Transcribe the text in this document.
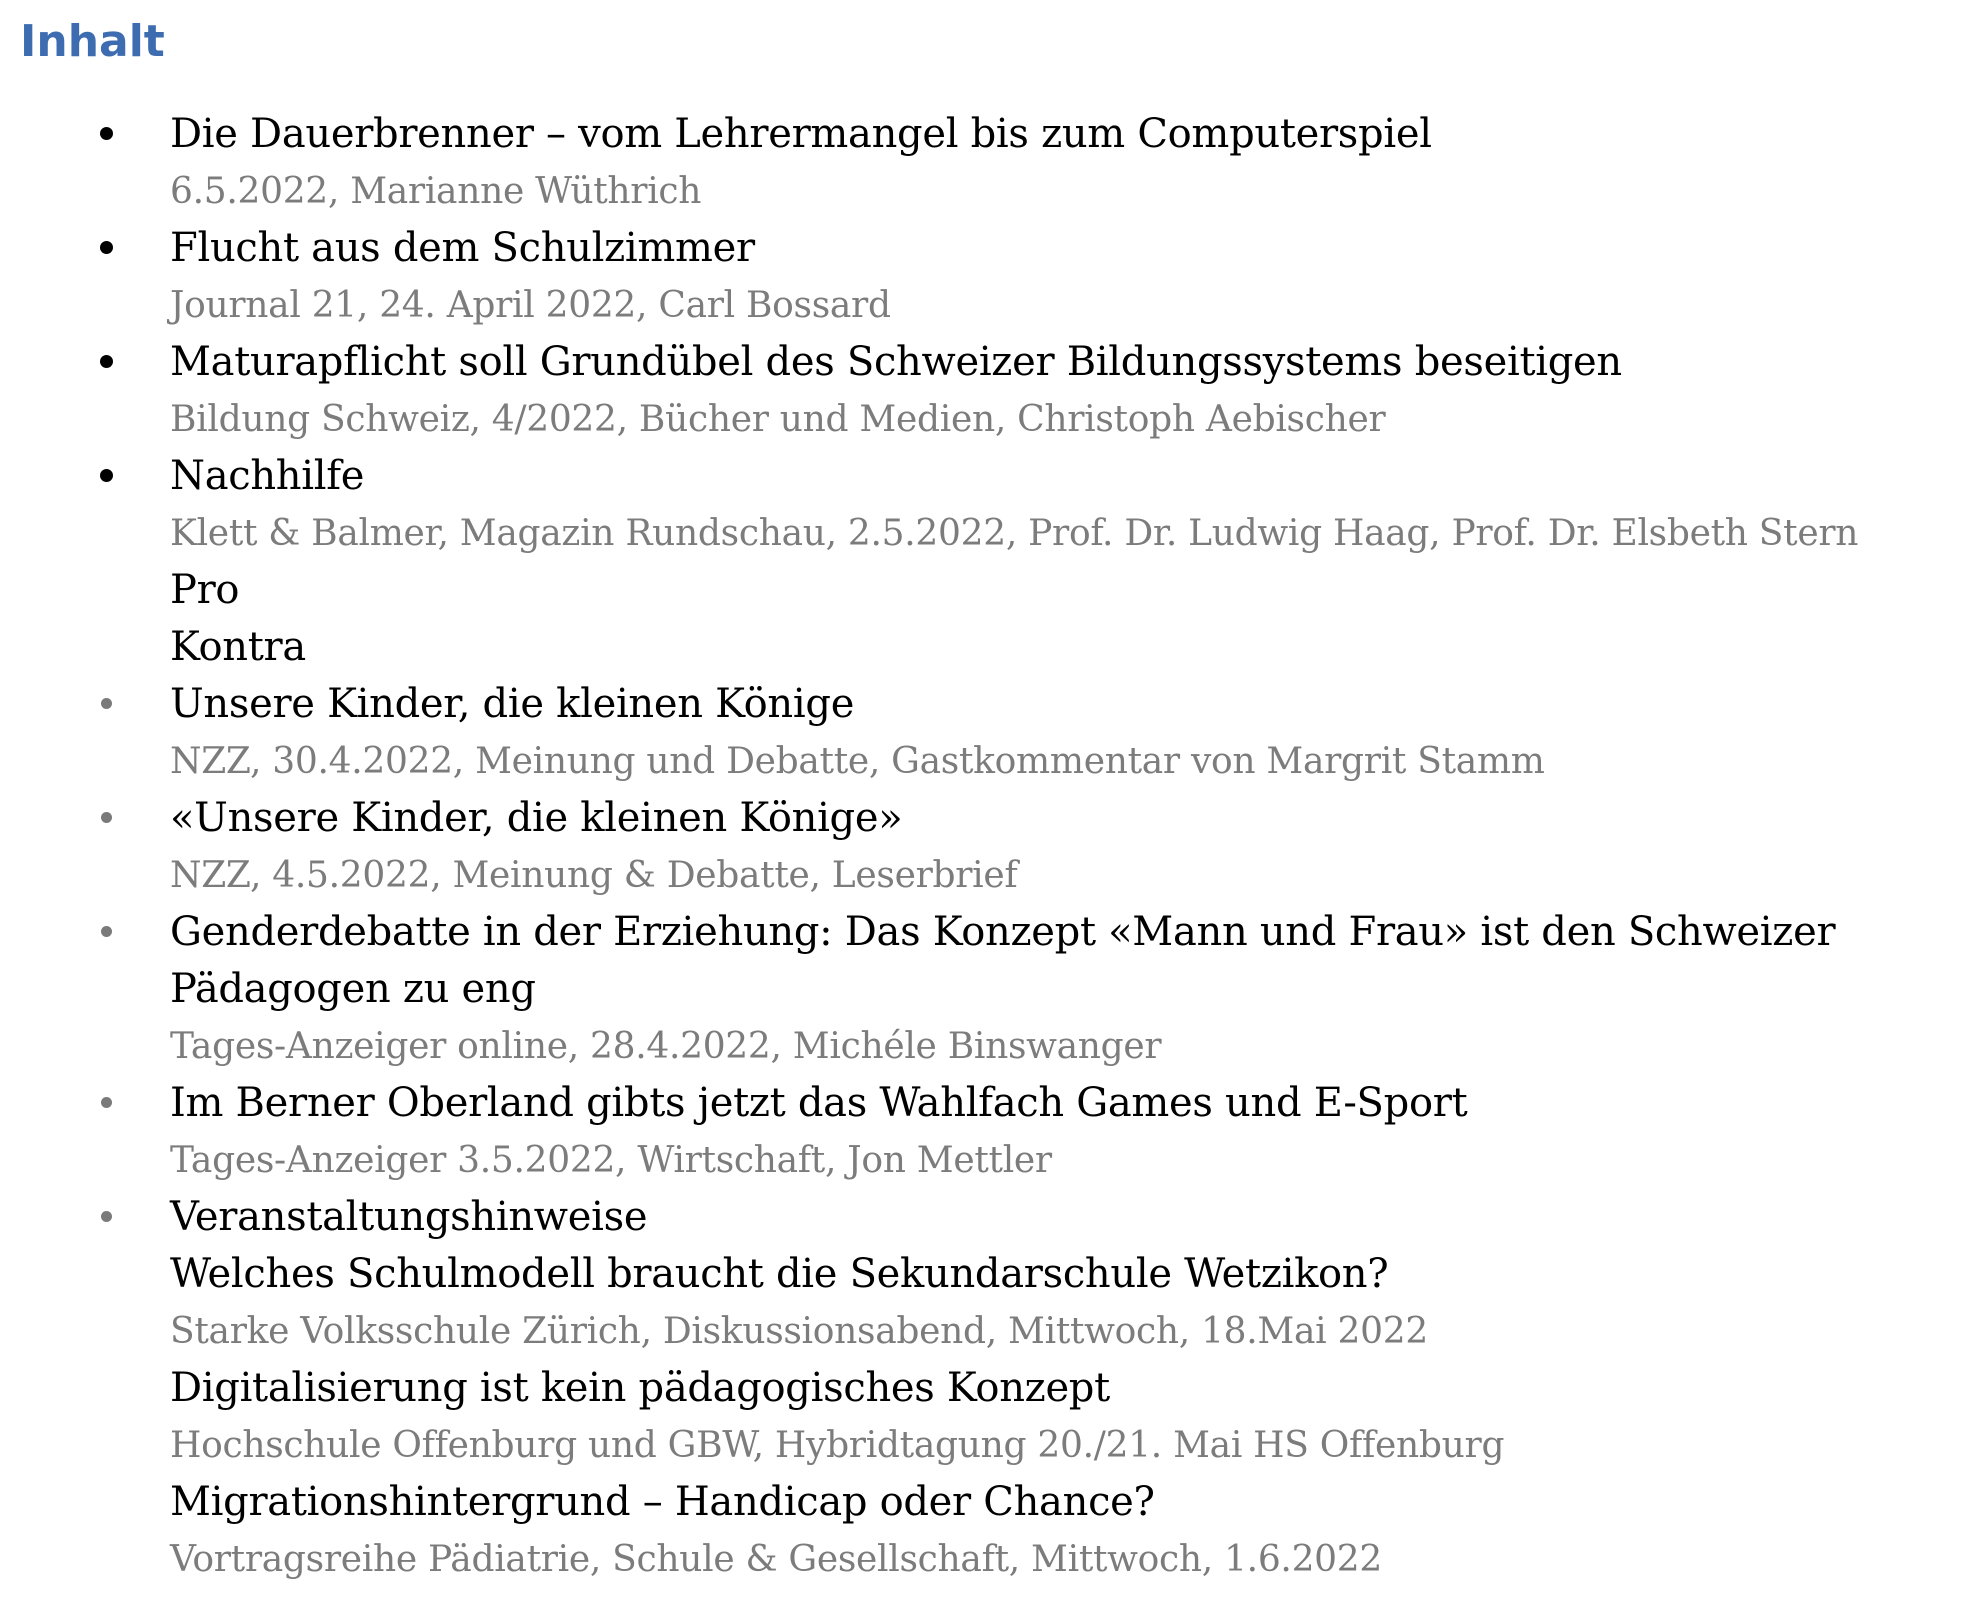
Inhalt
Die Dauerbrenner – vom Lehrermangel bis zum Computerspiel
6.5.2022, Marianne Wüthrich
Flucht aus dem Schulzimmer
Journal 21, 24. April 2022, Carl Bossard
Maturapflicht soll Grundübel des Schweizer Bildungssystems beseitigen
Bildung Schweiz, 4/2022, Bücher und Medien, Christoph Aebischer
Nachhilfe
Klett & Balmer, Magazin Rundschau, 2.5.2022, Prof. Dr. Ludwig Haag, Prof. Dr. Elsbeth Stern
Pro
Kontra
Unsere Kinder, die kleinen Könige
NZZ, 30.4.2022, Meinung und Debatte, Gastkommentar von Margrit Stamm
«Unsere Kinder, die kleinen Könige»
NZZ, 4.5.2022, Meinung & Debatte, Leserbrief
Genderdebatte in der Erziehung: Das Konzept «Mann und Frau» ist den Schweizer Pädagogen zu eng
Tages-Anzeiger online, 28.4.2022, Michéle Binswanger
Im Berner Oberland gibts jetzt das Wahlfach Games und E-Sport
Tages-Anzeiger 3.5.2022, Wirtschaft, Jon Mettler
Veranstaltungshinweise
Welches Schulmodell braucht die Sekundarschule Wetzikon?
Starke Volksschule Zürich, Diskussionsabend, Mittwoch, 18.Mai 2022
Digitalisierung ist kein pädagogisches Konzept
Hochschule Offenburg und GBW, Hybridtagung 20./21. Mai HS Offenburg
Migrationshintergrund – Handicap oder Chance?
Vortragsreihe Pädiatrie, Schule & Gesellschaft, Mittwoch, 1.6.2022
